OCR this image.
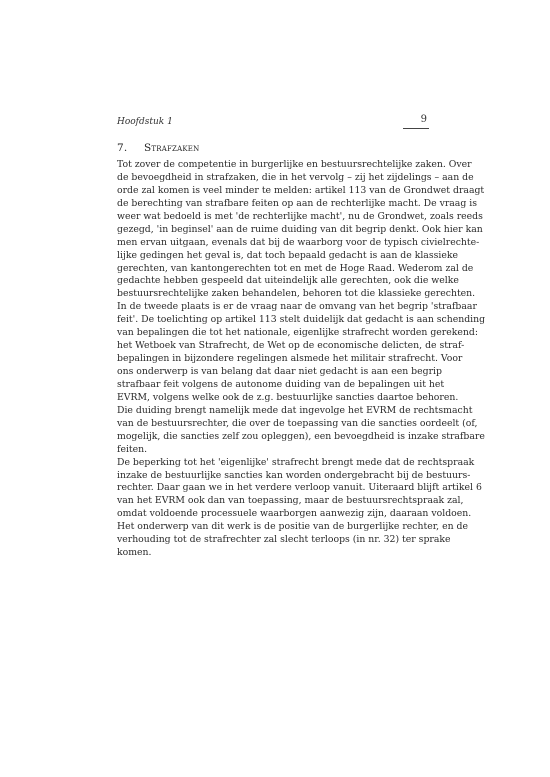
Hoofdstuk 1	9
7. Strafzaken
Tot zover de competentie in burgerlijke en bestuursrechtelijke zaken. Over
de bevoegdheid in strafzaken, die in het vervolg – zij het zijdelings – aan de
orde zal komen is veel minder te melden: artikel 113 van de Grondwet draagt
de berechting van strafbare feiten op aan de rechterlijke macht. De vraag is
weer wat bedoeld is met 'de rechterlijke macht', nu de Grondwet, zoals reeds
gezegd, 'in beginsel' aan de ruime duiding van dit begrip denkt. Ook hier kan
men ervan uitgaan, evenals dat bij de waarborg voor de typisch civielrechte-
lijke gedingen het geval is, dat toch bepaald gedacht is aan de klassieke
gerechten, van kantongerechten tot en met de Hoge Raad. Wederom zal de
gedachte hebben gespeeld dat uiteindelijk alle gerechten, ook die welke
bestuursrechtelijke zaken behandelen, behoren tot die klassieke gerechten.
In de tweede plaats is er de vraag naar de omvang van het begrip 'strafbaar
feit'. De toelichting op artikel 113 stelt duidelijk dat gedacht is aan schending
van bepalingen die tot het nationale, eigenlijke strafrecht worden gerekend:
het Wetboek van Strafrecht, de Wet op de economische delicten, de straf-
bepalingen in bijzondere regelingen alsmede het militair strafrecht. Voor
ons onderwerp is van belang dat daar niet gedacht is aan een begrip
strafbaar feit volgens de autonome duiding van de bepalingen uit het
EVRM, volgens welke ook de z.g. bestuurlijke sancties daartoe behoren.
Die duiding brengt namelijk mede dat ingevolge het EVRM de rechtsmacht
van de bestuursrechter, die over de toepassing van die sancties oordeelt (of,
mogelijk, die sancties zelf zou opleggen), een bevoegdheid is inzake strafbare
feiten.
De beperking tot het 'eigenlijke' strafrecht brengt mede dat de rechtspraak
inzake de bestuurlijke sancties kan worden ondergebracht bij de bestuurs-
rechter. Daar gaan we in het verdere verloop vanuit. Uiteraard blijft artikel 6
van het EVRM ook dan van toepassing, maar de bestuursrechtspraak zal,
omdat voldoende processuele waarborgen aanwezig zijn, daaraan voldoen.
Het onderwerp van dit werk is de positie van de burgerlijke rechter, en de
verhouding tot de strafrechter zal slecht terloops (in nr. 32) ter sprake
komen.
